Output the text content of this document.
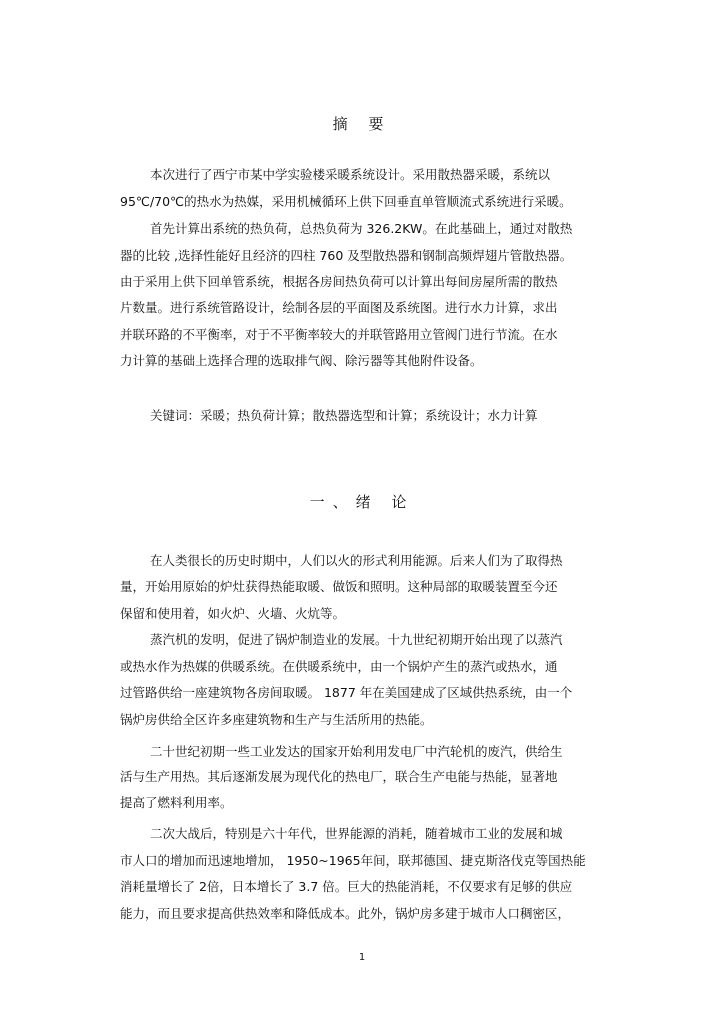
摘 要
本次进行了西宁市某中学实验楼采暖系统设计。采用散热器采暖，系统以
95℃/70℃的热水为热媒，采用机械循环上供下回垂直单管顺流式系统进行采暖。
首先计算出系统的热负荷，总热负荷为 326.2KW。在此基础上，通过对散热
器的比较 ,选择性能好且经济的四柱 760 及型散热器和钢制高频焊翅片管散热器。
由于采用上供下回单管系统，根据各房间热负荷可以计算出每间房屋所需的散热
片数量。进行系统管路设计，绘制各层的平面图及系统图。进行水力计算，求出
并联环路的不平衡率，对于不平衡率较大的并联管路用立管阀门进行节流。在水
力计算的基础上选择合理的选取排气阀、除污器等其他附件设备。
关键词：采暖；热负荷计算；散热器选型和计算；系统设计；水力计算
一、绪 论
在人类很长的历史时期中，人们以火的形式利用能源。后来人们为了取得热
量，开始用原始的炉灶获得热能取暖、做饭和照明。这种局部的取暖装置至今还
保留和使用着，如火炉、火墙、火炕等。
蒸汽机的发明，促进了锅炉制造业的发展。十九世纪初期开始出现了以蒸汽
或热水作为热媒的供暖系统。在供暖系统中，由一个锅炉产生的蒸汽或热水，通
过管路供给一座建筑物各房间取暖。 1877 年在美国建成了区域供热系统，由一个
锅炉房供给全区许多座建筑物和生产与生活所用的热能。
二十世纪初期一些工业发达的国家开始利用发电厂中汽轮机的废汽，供给生
活与生产用热。其后逐渐发展为现代化的热电厂，联合生产电能与热能，显著地
提高了燃料利用率。
二次大战后，特别是六十年代，世界能源的消耗，随着城市工业的发展和城
市人口的增加而迅速地增加， 1950~1965年间，联邦德国、捷克斯洛伐克等国热能
消耗量增长了 2倍，日本增长了 3.7 倍。巨大的热能消耗，不仅要求有足够的供应
能力，而且要求提高供热效率和降低成本。此外，锅炉房多建于城市人口稠密区，
1
